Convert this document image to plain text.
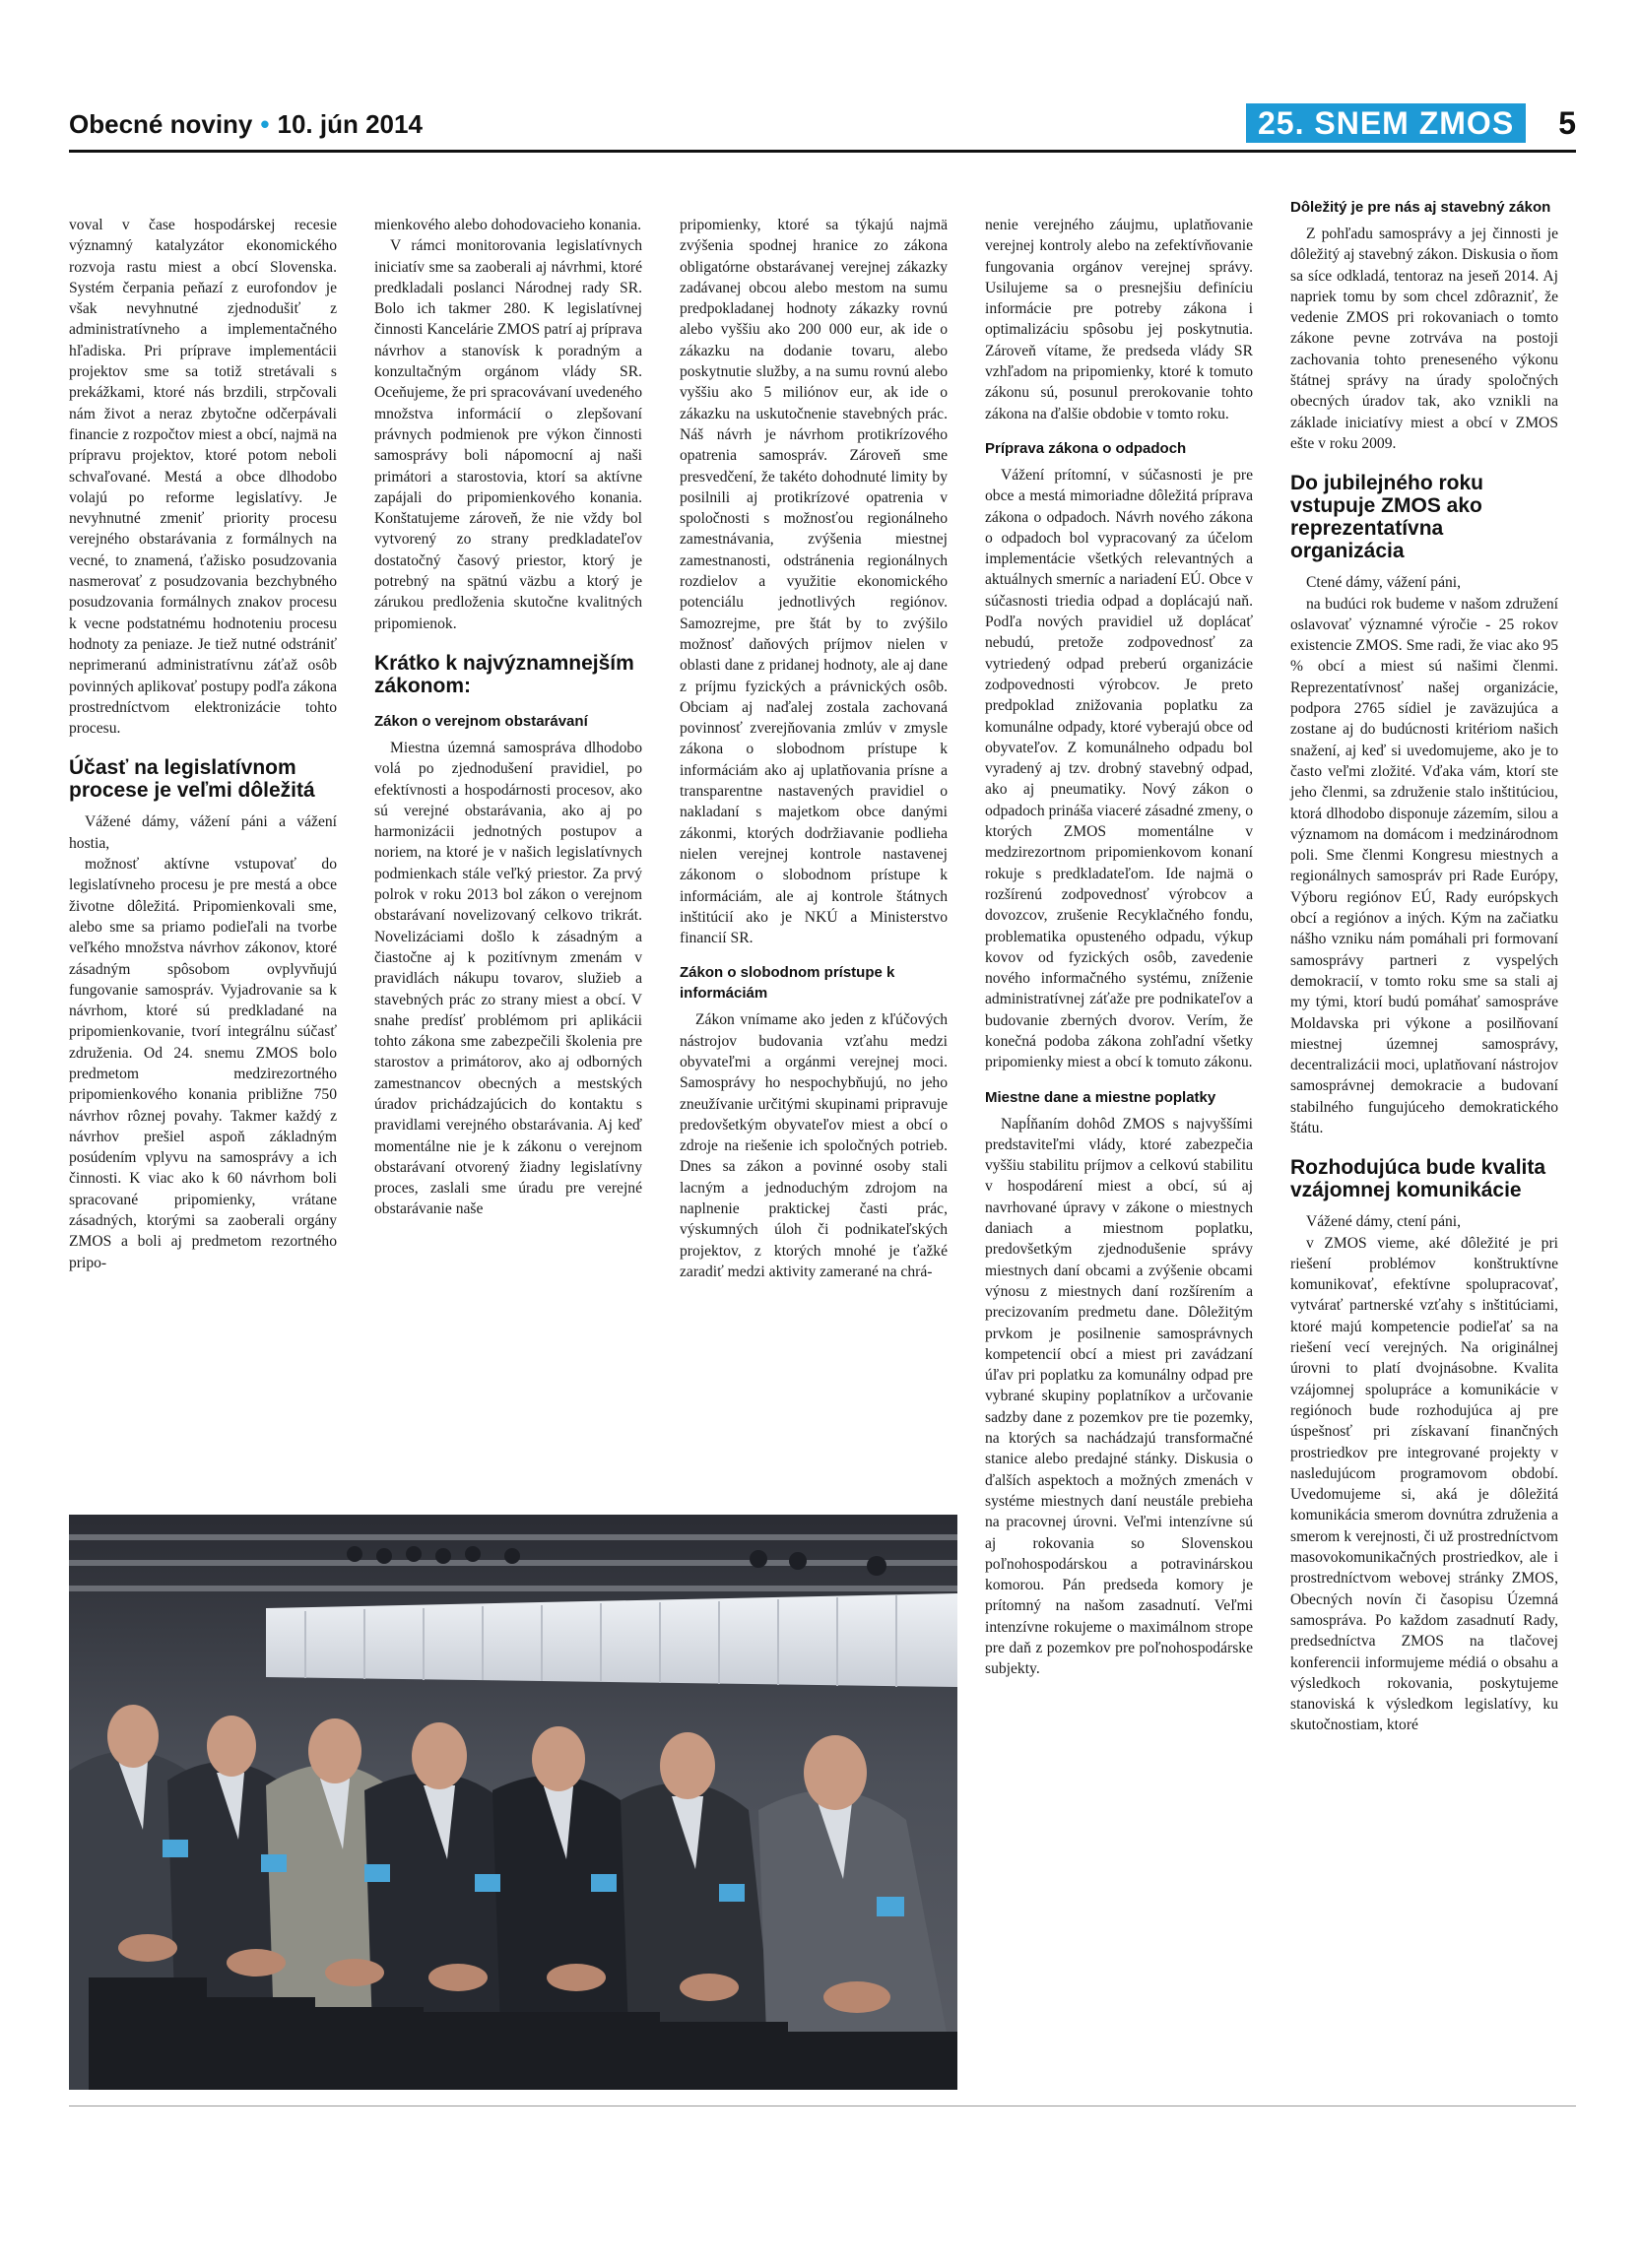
Obecné noviny • 10. jún 2014	25. SNEM ZMOS	5

voval v čase hospodárskej recesie významný katalyzátor ekonomického rozvoja rastu miest a obcí Slovenska. Systém čerpania peňazí z eurofondov je však nevyhnutné zjednodušiť z administratívneho a implementačného hľadiska. Pri príprave implementácii projektov sme sa totiž stretávali s prekážkami, ktoré nás brzdili, strpčovali nám život a neraz zbytočne odčerpávali financie z rozpočtov miest a obcí, najmä na prípravu projektov, ktoré potom neboli schvaľované. Mestá a obce dlhodobo volajú po reforme legislatívy. Je nevyhnutné zmeniť priority procesu verejného obstarávania z formálnych na vecné, to znamená, ťažisko posudzovania nasmerovať z posudzovania bezchybného posudzovania formálnych znakov procesu k vecne podstatnému hodnoteniu procesu hodnoty za peniaze. Je tiež nutné odstrániť neprimeranú administratívnu záťaž osôb povinných aplikovať postupy podľa zákona prostredníctvom elektronizácie tohto procesu.

Účasť na legislatívnom procese je veľmi dôležitá

Vážené dámy, vážení páni a vážení hostia,

možnosť aktívne vstupovať do legislatívneho procesu je pre mestá a obce životne dôležitá. Pripomienkovali sme, alebo sme sa priamo podieľali na tvorbe veľkého množstva návrhov zákonov, ktoré zásadným spôsobom ovplyvňujú fungovanie samospráv. Vyjadrovanie sa k návrhom, ktoré sú predkladané na pripomienkovanie, tvorí integrálnu súčasť združenia. Od 24. snemu ZMOS bolo predmetom medzirezortného pripomienkového konania približne 750 návrhov rôznej povahy. Takmer každý z návrhov prešiel aspoň základným posúdením vplyvu na samosprávy a ich činnosti. K viac ako k 60 návrhom boli spracované pripomienky, vrátane zásadných, ktorými sa zaoberali orgány ZMOS a boli aj predmetom rezortného pripo-

mienkového alebo dohodovacieho konania.

V rámci monitorovania legislatívnych iniciatív sme sa zaoberali aj návrhmi, ktoré predkladali poslanci Národnej rady SR. Bolo ich takmer 280. K legislatívnej činnosti Kancelárie ZMOS patrí aj príprava návrhov a stanovísk k poradným a konzultačným orgánom vlády SR. Oceňujeme, že pri spracovávaní uvedeného množstva informácií o zlepšovaní právnych podmienok pre výkon činnosti samosprávy boli nápomocní aj naši primátori a starostovia, ktorí sa aktívne zapájali do pripomienkového konania. Konštatujeme zároveň, že nie vždy bol vytvorený zo strany predkladateľov dostatočný časový priestor, ktorý je potrebný na spätnú väzbu a ktorý je zárukou predloženia skutočne kvalitných pripomienok.

Krátko k najvýznamnejším zákonom:
Zákon o verejnom obstarávaní

Miestna územná samospráva dlhodobo volá po zjednodušení pravidiel, po efektívnosti a hospodárnosti procesov, ako sú verejné obstarávania, ako aj po harmonizácii jednotných postupov a noriem, na ktoré je v našich legislatívnych podmienkach stále veľký priestor. Za prvý polrok v roku 2013 bol zákon o verejnom obstarávaní novelizovaný celkovo trikrát. Novelizáciami došlo k zásadným a čiastočne aj k pozitívnym zmenám v pravidlách nákupu tovarov, služieb a stavebných prác zo strany miest a obcí. V snahe predísť problémom pri aplikácii tohto zákona sme zabezpečili školenia pre starostov a primátorov, ako aj odborných zamestnancov obecných a mestských úradov prichádzajúcich do kontaktu s pravidlami verejného obstarávania. Aj keď momentálne nie je k zákonu o verejnom obstarávaní otvorený žiadny legislatívny proces, zaslali sme úradu pre verejné obstarávanie naše

pripomienky, ktoré sa týkajú najmä zvýšenia spodnej hranice zo zákona obligatórne obstarávanej verejnej zákazky zadávanej obcou alebo mestom na sumu predpokladanej hodnoty zákazky rovnú alebo vyššiu ako 200 000 eur, ak ide o zákazku na dodanie tovaru, alebo poskytnutie služby, a na sumu rovnú alebo vyššiu ako 5 miliónov eur, ak ide o zákazku na uskutočnenie stavebných prác. Náš návrh je návrhom protikrízového opatrenia samospráv. Zároveň sme presvedčení, že takéto dohodnuté limity by posilnili aj protikrízové opatrenia v spoločnosti s možnosťou regionálneho zamestnávania, zvýšenia miestnej zamestnanosti, odstránenia regionálnych rozdielov a využitie ekonomického potenciálu jednotlivých regiónov. Samozrejme, pre štát by to zvýšilo možnosť daňových príjmov nielen v oblasti dane z pridanej hodnoty, ale aj dane z príjmu fyzických a právnických osôb. Obciam aj naďalej zostala zachovaná povinnosť zverejňovania zmlúv v zmysle zákona o slobodnom prístupe k informáciám ako aj uplatňovania prísne a transparentne nastavených pravidiel o nakladaní s majetkom obce danými zákonmi, ktorých dodržiavanie podlieha nielen verejnej kontrole nastavenej zákonom o slobodnom prístupe k informáciám, ale aj kontrole štátnych inštitúcií ako je NKÚ a Ministerstvo financií SR.

Zákon o slobodnom prístupe k informáciám

Zákon vnímame ako jeden z kľúčových nástrojov budovania vzťahu medzi obyvateľmi a orgánmi verejnej moci. Samosprávy ho nespochybňujú, no jeho zneužívanie určitými skupinami pripravuje predovšetkým obyvateľov miest a obcí o zdroje na riešenie ich spoločných potrieb. Dnes sa zákon a povinné osoby stali lacným a jednoduchým zdrojom na naplnenie praktickej časti prác, výskumných úloh či podnikateľských projektov, z ktorých mnohé je ťažké zaradiť medzi aktivity zamerané na chrá-

nenie verejného záujmu, uplatňovanie verejnej kontroly alebo na zefektívňovanie fungovania orgánov verejnej správy. Usilujeme sa o presnejšiu definíciu informácie pre potreby zákona i optimalizáciu spôsobu jej poskytnutia. Zároveň vítame, že predseda vlády SR vzhľadom na pripomienky, ktoré k tomuto zákonu sú, posunul prerokovanie tohto zákona na ďalšie obdobie v tomto roku.

Príprava zákona o odpadoch

Vážení prítomní, v súčasnosti je pre obce a mestá mimoriadne dôležitá príprava zákona o odpadoch. Návrh nového zákona o odpadoch bol vypracovaný za účelom implementácie všetkých relevantných a aktuálnych smerníc a nariadení EÚ. Obce v súčasnosti triedia odpad a doplácajú naň. Podľa nových pravidiel už doplácať nebudú, pretože zodpovednosť za vytriedený odpad preberú organizácie zodpovednosti výrobcov. Je preto predpoklad znižovania poplatku za komunálne odpady, ktoré vyberajú obce od obyvateľov. Z komunálneho odpadu bol vyradený aj tzv. drobný stavebný odpad, ako aj pneumatiky. Nový zákon o odpadoch prináša viaceré zásadné zmeny, o ktorých ZMOS momentálne v medzirezortnom pripomienkovom konaní rokuje s predkladateľom. Ide najmä o rozšírenú zodpovednosť výrobcov a dovozcov, zrušenie Recyklačného fondu, problematika opusteného odpadu, výkup kovov od fyzických osôb, zavedenie nového informačného systému, zníženie administratívnej záťaže pre podnikateľov a budovanie zberných dvorov. Verím, že konečná podoba zákona zohľadní všetky pripomienky miest a obcí k tomuto zákonu.

Miestne dane a miestne poplatky

Napĺňaním dohôd ZMOS s najvyššími predstaviteľmi vlády, ktoré zabezpečia vyššiu stabilitu príjmov a celkovú stabilitu v hospodárení miest a obcí, sú aj navrhované úpravy v zákone o miestnych daniach a miestnom poplatku, predovšetkým zjednodušenie správy miestnych daní obcami a zvýšenie obcami výnosu z miestnych daní rozšírením a precizovaním predmetu dane. Dôležitým prvkom je posilnenie samosprávnych kompetencií obcí a miest pri zavádzaní úľav pri poplatku za komunálny odpad pre vybrané skupiny poplatníkov a určovanie sadzby dane z pozemkov pre tie pozemky, na ktorých sa nachádzajú transformačné stanice alebo predajné stánky. Diskusia o ďalších aspektoch a možných zmenách v systéme miestnych daní neustále prebieha na pracovnej úrovni. Veľmi intenzívne sú aj rokovania so Slovenskou poľnohospodárskou a potravinárskou komorou. Pán predseda komory je prítomný na našom zasadnutí. Veľmi intenzívne rokujeme o maximálnom strope pre daň z pozemkov pre poľnohospodárske subjekty.

Dôležitý je pre nás aj stavebný zákon

Z pohľadu samosprávy a jej činnosti je dôležitý aj stavebný zákon. Diskusia o ňom sa síce odkladá, tentoraz na jeseň 2014. Aj napriek tomu by som chcel zdôrazniť, že vedenie ZMOS pri rokovaniach o tomto zákone pevne zotrváva na postoji zachovania tohto preneseného výkonu štátnej správy na úrady spoločných obecných úradov tak, ako vznikli na základe iniciatívy miest a obcí v ZMOS ešte v roku 2009.

Do jubilejného roku vstupuje ZMOS ako reprezentatívna organizácia

Ctené dámy, vážení páni,

na budúci rok budeme v našom združení oslavovať významné výročie - 25 rokov existencie ZMOS. Sme radi, že viac ako 95 % obcí a miest sú našimi členmi. Reprezentatívnosť našej organizácie, podpora 2765 sídiel je zaväzujúca a zostane aj do budúcnosti kritériom našich snažení, aj keď si uvedomujeme, ako je to často veľmi zložité. Vďaka vám, ktorí ste jeho členmi, sa združenie stalo inštitúciou, ktorá dlhodobo disponuje zázemím, silou a významom na domácom i medzinárodnom poli. Sme členmi Kongresu miestnych a regionálnych samospráv pri Rade Európy, Výboru regiónov EÚ, Rady európskych obcí a regiónov a iných. Kým na začiatku nášho vzniku nám pomáhali pri formovaní samosprávy partneri z vyspelých demokracií, v tomto roku sme sa stali aj my tými, ktorí budú pomáhať samospráve Moldavska pri výkone a posilňovaní miestnej územnej samosprávy, decentralizácii moci, uplatňovaní nástrojov samosprávnej demokracie a budovaní stabilného fungujúceho demokratického štátu.

Rozhodujúca bude kvalita vzájomnej komunikácie

Vážené dámy, ctení páni,

v ZMOS vieme, aké dôležité je pri riešení problémov konštruktívne komunikovať, efektívne spolupracovať, vytvárať partnerské vzťahy s inštitúciami, ktoré majú kompetencie podieľať sa na riešení vecí verejných. Na originálnej úrovni to platí dvojnásobne. Kvalita vzájomnej spolupráce a komunikácie v regiónoch bude rozhodujúca aj pre úspešnosť pri získavaní finančných prostriedkov pre integrované projekty v nasledujúcom programovom období. Uvedomujeme si, aká je dôležitá komunikácia smerom dovnútra združenia a smerom k verejnosti, či už prostredníctvom masovokomunikačných prostriedkov, ale i prostredníctvom webovej stránky ZMOS, Obecných novín či časopisu Územná samospráva. Po každom zasadnutí Rady, predsedníctva ZMOS na tlačovej konferencii informujeme médiá o obsahu a výsledkoch rokovania, poskytujeme stanoviská k výsledkom legislatívy, ku skutočnostiam, ktoré
